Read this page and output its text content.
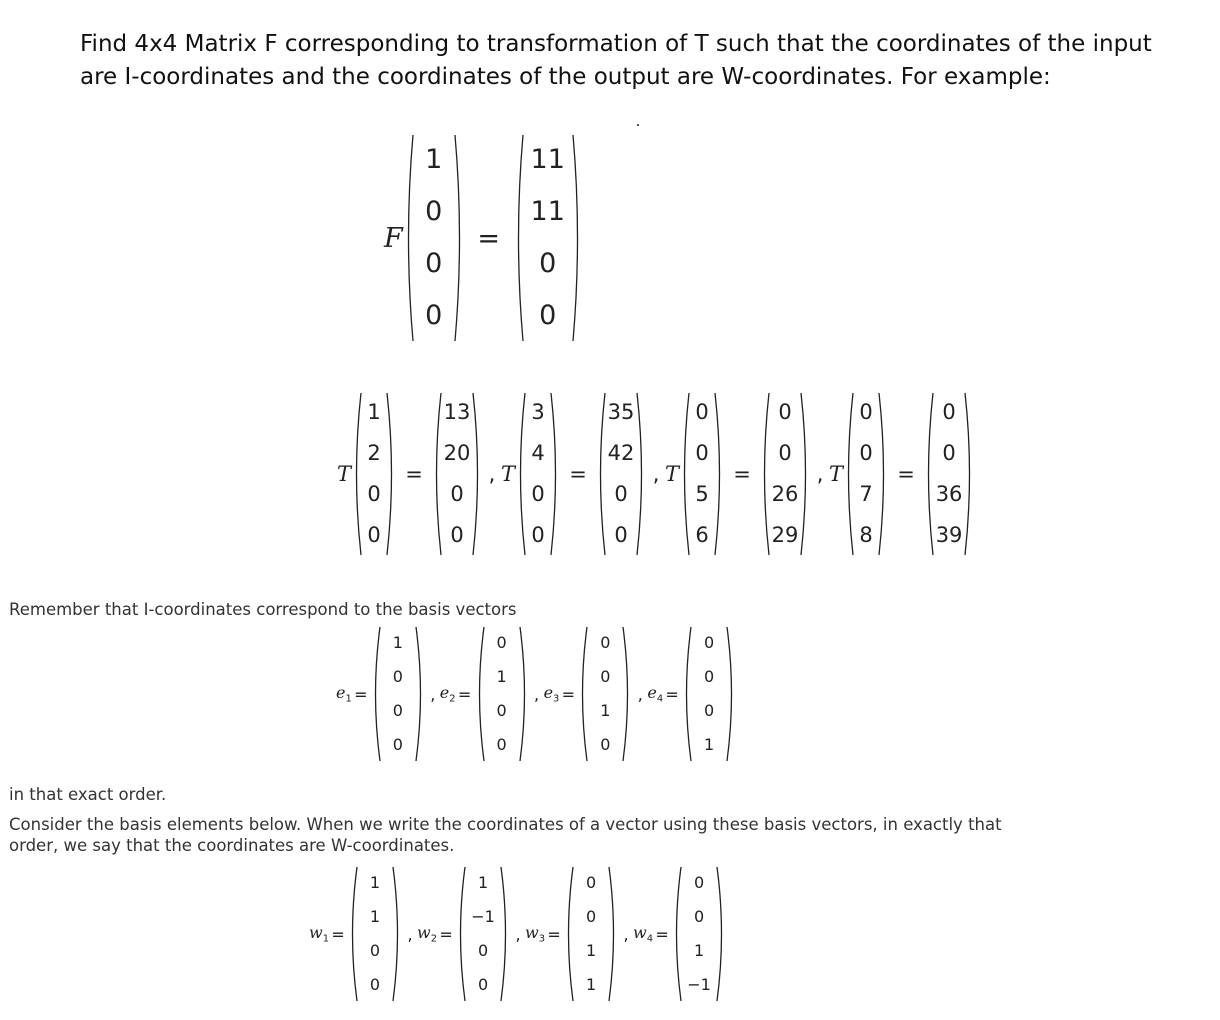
Find 4x4 Matrix F corresponding to transformation of T such that the coordinates of the input are I-coordinates and the coordinates of the output are W-coordinates. For example:
F
1
0
0
0
=
11
11
0
0
T
1
2
0
0
=
13
20
0
0
, T
3
4
0
0
=
35
42
0
0
, T
0
0
5
6
=
0
0
26
29
, T
0
0
7
8
=
0
0
36
39
Remember that I-coordinates correspond to the basis vectors
$e_1$ =
1
0
0
0
, $e_2$ =
0
1
0
0
, $e_3$ =
0
0
1
0
, $e_4$ =
0
0
0
1
in that exact order.
Consider the basis elements below. When we write the coordinates of a vector using these basis vectors, in exactly that order, we say that the coordinates are W-coordinates.
$w_1$ =
1
1
0
0
, $w_2$ =
1
−1
0
0
, $w_3$ =
0
0
1
1
, $w_4$ =
0
0
1
−1
